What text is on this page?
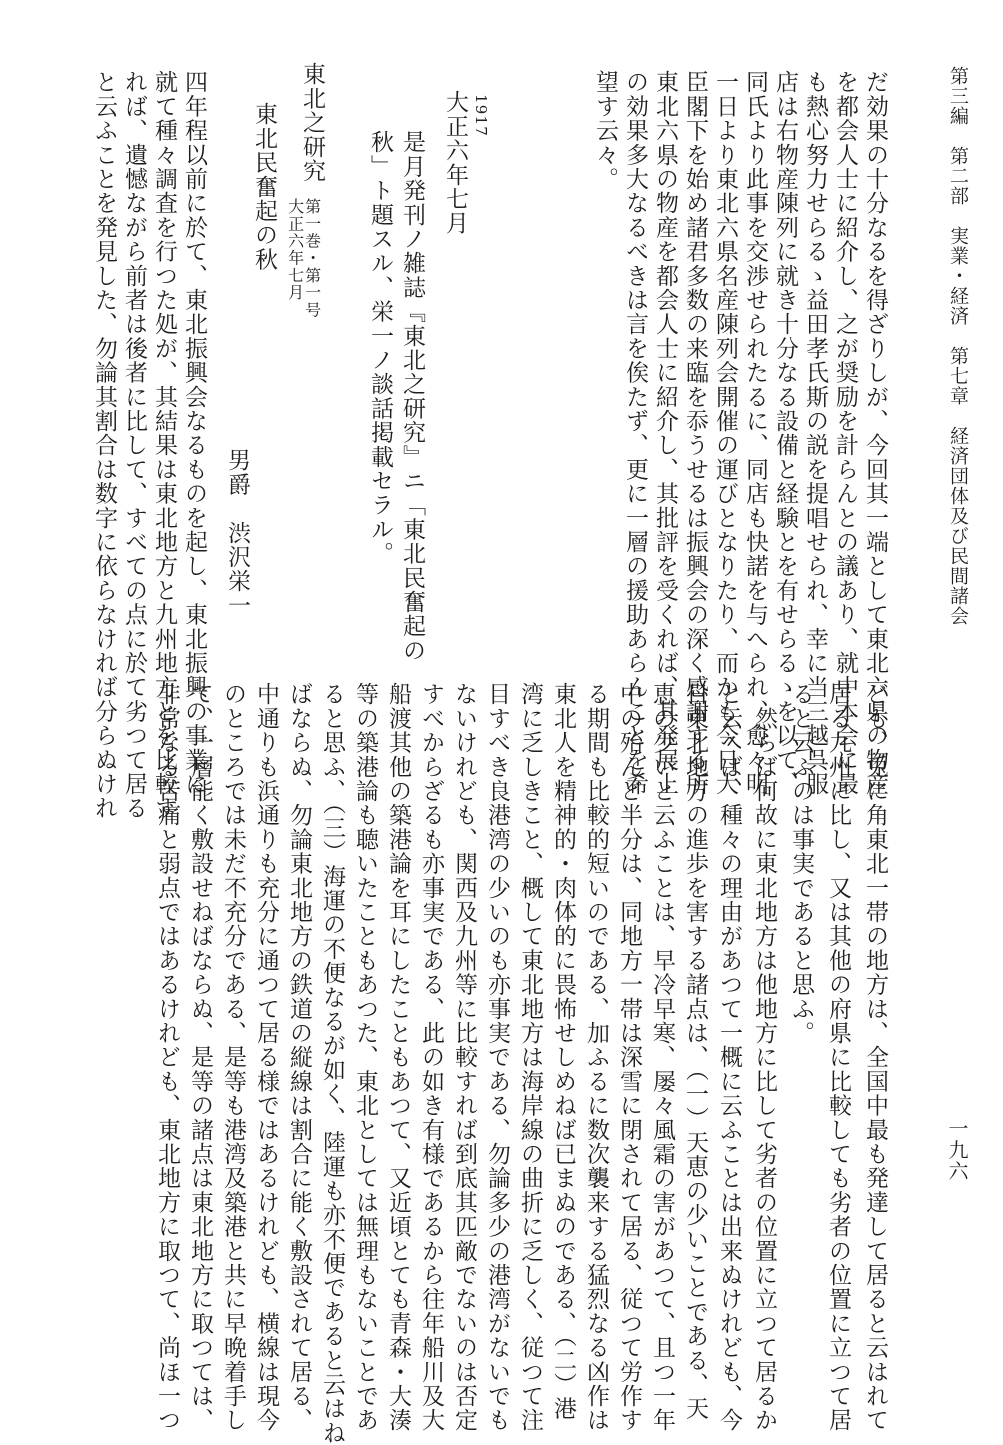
第三編　第二部　実業・経済　第七章　経済団体及び民間諸会
一九六
だ効果の十分なるを得ざりしが、今回其一端として東北六県の物産
を都会人士に紹介し、之が奨励を計らんとの議あり、就中本会に最
も熱心努力せらるゝ益田孝氏斯の説を提唱せられ、幸に当三越呉服
店は右物産陳列に就き十分なる設備と経験とを有せらるゝを以て、
同氏より此事を交渉せられたるに、同店も快諾を与へられ、愈々明
一日より東北六県名産陳列会開催の運びとなりたり、而かも今日大
臣閣下を始め諸君多数の来臨を忝うせるは振興会の深く感謝する所
東北六県の物産を都会人士に紹介し、其批評を受くれば、其発展上
の効果多大なるべきは言を俟たず、更に一層の援助あらんことを希
望す云々。
1917
大正六年七月
是月発刊ノ雑誌『東北之研究』ニ「東北民奮起の
秋」ト題スル、栄一ノ談話掲載セラル。
東北之研究
第一巻・第一号
大正六年七月
東北民奮起の秋
男爵　渋沢栄一
四年程以前に於て、東北振興会なるものを起し、東北振興の事業に
就て種々調査を行つた処が、其結果は東北地方と九州地方とを比較す
れば、遺憾ながら前者は後者に比して、すべての点に於て劣つて居る
と云ふことを発見した、勿論其割合は数字に依らなければ分らぬけれ
ども、兎に角東北一帯の地方は、全国中最も発達して居ると云はれて
居る九州に比し、又は其他の府県に比較しても劣者の位置に立つて居
ると云ふのは事実であると思ふ。
　然らば何故に東北地方は他地方に比して劣者の位置に立つて居るか
と云へば、種々の理由があつて一概に云ふことは出来ぬけれども、今
日東北地方の進歩を害する諸点は、（一）天恵の少いことである、天
恵の少いと云ふことは、早冷早寒、屡々風霜の害があつて、且つ一年
中の殆んど半分は、同地方一帯は深雪に閉されて居る、従つて労作す
る期間も比較的短いのである、加ふるに数次襲来する猛烈なる凶作は
東北人を精神的・肉体的に畏怖せしめねば已まぬのである、（二）港
湾に乏しきこと、概して東北地方は海岸線の曲折に乏しく、従つて注
目すべき良港湾の少いのも亦事実である、勿論多少の港湾がないでも
ないけれども、関西及九州等に比較すれば到底其匹敵でないのは否定
すべからざるも亦事実である、此の如き有様であるから往年船川及大
船渡其他の築港論を耳にしたこともあつて、又近頃とても青森・大湊
等の築港論も聴いたこともあつた、東北としては無理もないことであ
ると思ふ、（三）海運の不便なるが如く、陸運も亦不便であると云はね
ばならぬ、勿論東北地方の鉄道の縦線は割合に能く敷設されて居る、
中通りも浜通りも充分に通つて居る様ではあるけれども、横線は現今
のところでは未だ不充分である、是等も港湾及築港と共に早晩着手し
て、一層能く敷設せねばならぬ、是等の諸点は東北地方に取つては、
非常なる苦痛と弱点ではあるけれども、東北地方に取つて、尚ほ一つ
